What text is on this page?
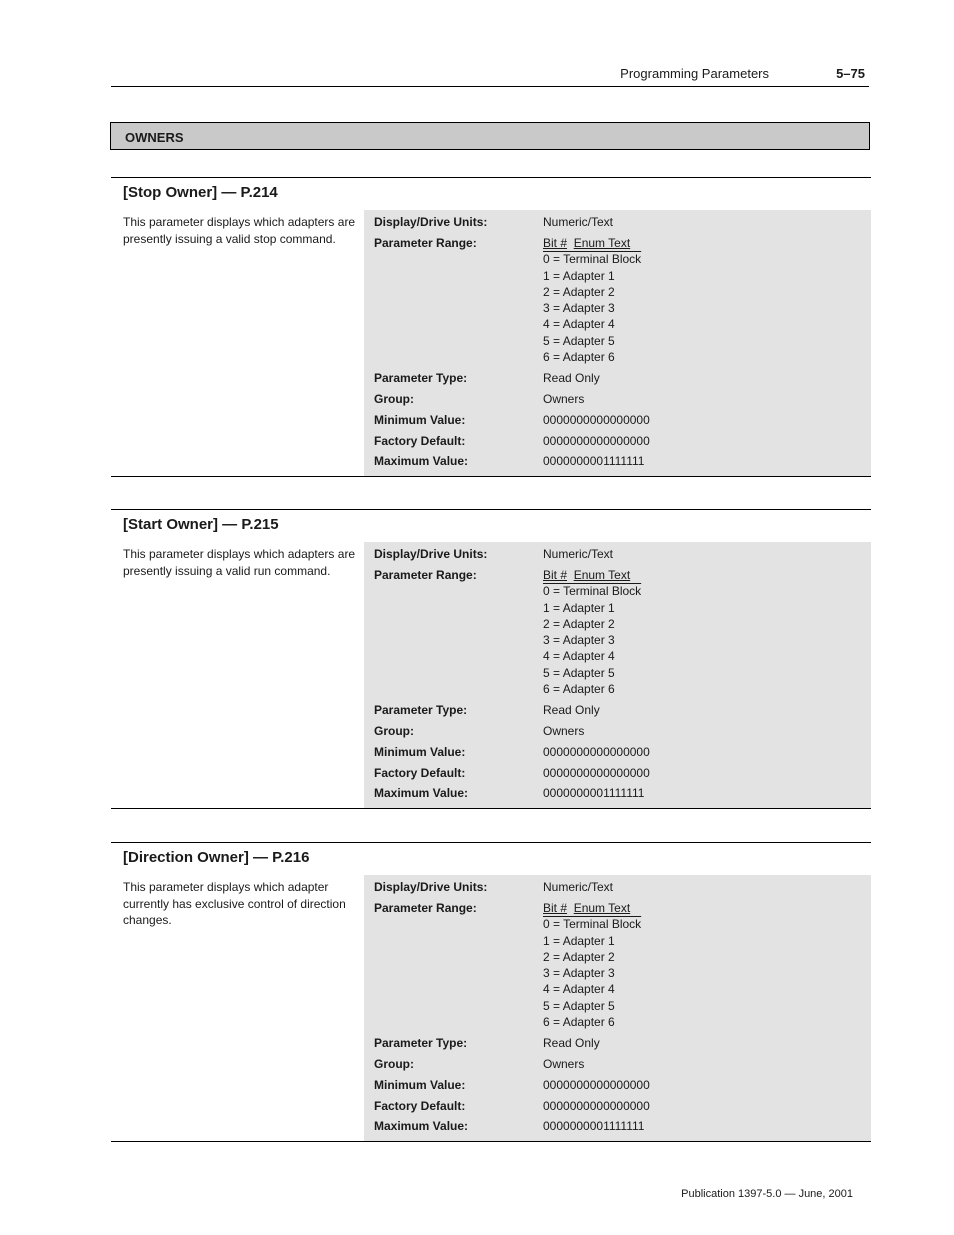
Programming Parameters	5–75
OWNERS
[Stop Owner] — P.214
This parameter displays which adapters are presently issuing a valid stop command.
Display/Drive Units:	Numeric/Text
Parameter Range:	Bit # Enum Text
0 = Terminal Block
1 = Adapter 1
2 = Adapter 2
3 = Adapter 3
4 = Adapter 4
5 = Adapter 5
6 = Adapter 6
Parameter Type:	Read Only
Group:	Owners
Minimum Value:	0000000000000000
Factory Default:	0000000000000000
Maximum Value:	0000000001111111
[Start Owner] — P.215
This parameter displays which adapters are presently issuing a valid run command.
Display/Drive Units:	Numeric/Text
Parameter Range:	Bit # Enum Text
0 = Terminal Block
1 = Adapter 1
2 = Adapter 2
3 = Adapter 3
4 = Adapter 4
5 = Adapter 5
6 = Adapter 6
Parameter Type:	Read Only
Group:	Owners
Minimum Value:	0000000000000000
Factory Default:	0000000000000000
Maximum Value:	0000000001111111
[Direction Owner] — P.216
This parameter displays which adapter currently has exclusive control of direction changes.
Display/Drive Units:	Numeric/Text
Parameter Range:	Bit # Enum Text
0 = Terminal Block
1 = Adapter 1
2 = Adapter 2
3 = Adapter 3
4 = Adapter 4
5 = Adapter 5
6 = Adapter 6
Parameter Type:	Read Only
Group:	Owners
Minimum Value:	0000000000000000
Factory Default:	0000000000000000
Maximum Value:	0000000001111111
Publication 1397-5.0 — June, 2001
